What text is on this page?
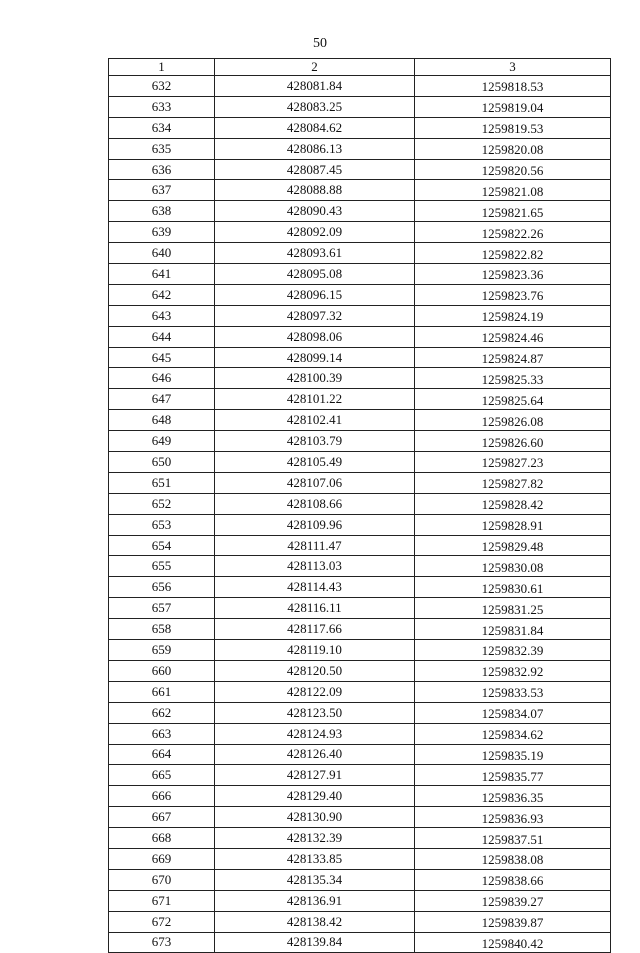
50
1	2	3
632	428081.84	1259818.53
633	428083.25	1259819.04
634	428084.62	1259819.53
635	428086.13	1259820.08
636	428087.45	1259820.56
637	428088.88	1259821.08
638	428090.43	1259821.65
639	428092.09	1259822.26
640	428093.61	1259822.82
641	428095.08	1259823.36
642	428096.15	1259823.76
643	428097.32	1259824.19
644	428098.06	1259824.46
645	428099.14	1259824.87
646	428100.39	1259825.33
647	428101.22	1259825.64
648	428102.41	1259826.08
649	428103.79	1259826.60
650	428105.49	1259827.23
651	428107.06	1259827.82
652	428108.66	1259828.42
653	428109.96	1259828.91
654	428111.47	1259829.48
655	428113.03	1259830.08
656	428114.43	1259830.61
657	428116.11	1259831.25
658	428117.66	1259831.84
659	428119.10	1259832.39
660	428120.50	1259832.92
661	428122.09	1259833.53
662	428123.50	1259834.07
663	428124.93	1259834.62
664	428126.40	1259835.19
665	428127.91	1259835.77
666	428129.40	1259836.35
667	428130.90	1259836.93
668	428132.39	1259837.51
669	428133.85	1259838.08
670	428135.34	1259838.66
671	428136.91	1259839.27
672	428138.42	1259839.87
673	428139.84	1259840.42
